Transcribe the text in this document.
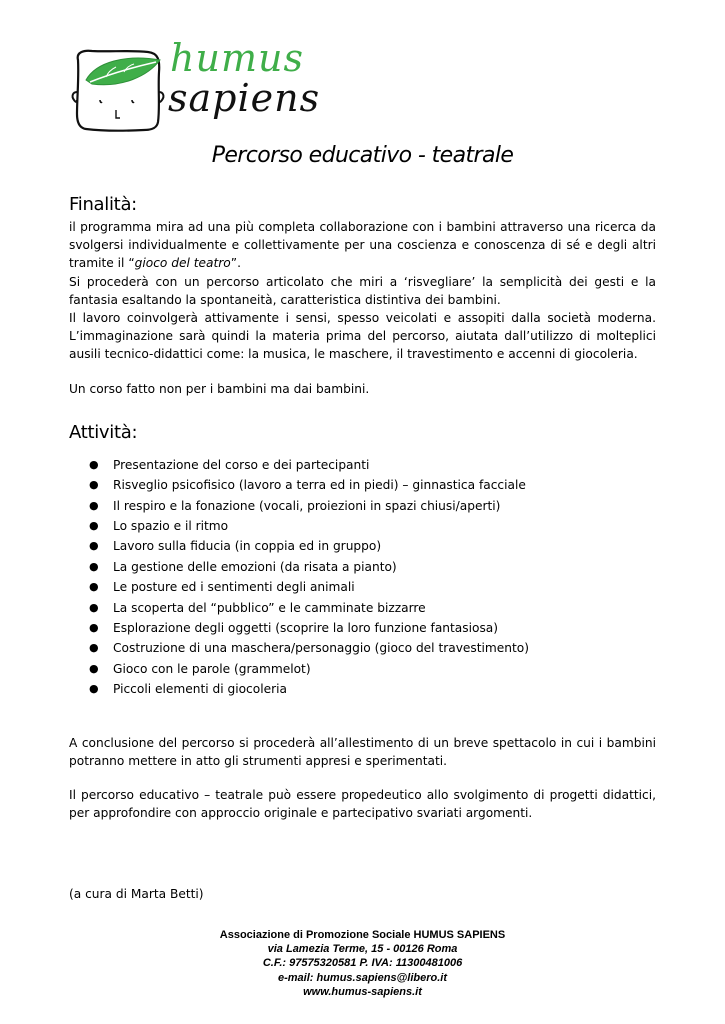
humus
sapiens
Percorso educativo - teatrale
Finalità:

il programma mira ad una più completa collaborazione con i bambini attraverso una ricerca da svolgersi individualmente e collettivamente per una coscienza e conoscenza di sé e degli altri tramite il “gioco del teatro”.

Si procederà con un percorso articolato che miri a ‘risvegliare’ la semplicità dei gesti e la fantasia esaltando la spontaneità, caratteristica distintiva dei bambini.

Il lavoro coinvolgerà attivamente i sensi, spesso veicolati e assopiti dalla società moderna. L’immaginazione sarà quindi la materia prima del percorso, aiutata dall’utilizzo di molteplici ausili tecnico-didattici come: la musica, le maschere, il travestimento e accenni di giocoleria.

Un corso fatto non per i bambini ma dai bambini.

Attività:
● Presentazione del corso e dei partecipanti
● Risveglio psicofisico (lavoro a terra ed in piedi) – ginnastica facciale
● Il respiro e la fonazione (vocali, proiezioni in spazi chiusi/aperti)
● Lo spazio e il ritmo
● Lavoro sulla fiducia (in coppia ed in gruppo)
● La gestione delle emozioni (da risata a pianto)
● Le posture ed i sentimenti degli animali
● La scoperta del “pubblico” e le camminate bizzarre
● Esplorazione degli oggetti (scoprire la loro funzione fantasiosa)
● Costruzione di una maschera/personaggio (gioco del travestimento)
● Gioco con le parole (grammelot)
● Piccoli elementi di giocoleria

A conclusione del percorso si procederà all’allestimento di un breve spettacolo in cui i bambini potranno mettere in atto gli strumenti appresi e sperimentati.

Il percorso educativo – teatrale può essere propedeutico allo svolgimento di progetti didattici, per approfondire con approccio originale e partecipativo svariati argomenti.

(a cura di Marta Betti)

Associazione di Promozione Sociale HUMUS SAPIENS
via Lamezia Terme, 15 - 00126 Roma
C.F.: 97575320581 P. IVA: 11300481006
e-mail: humus.sapiens@libero.it
www.humus-sapiens.it
